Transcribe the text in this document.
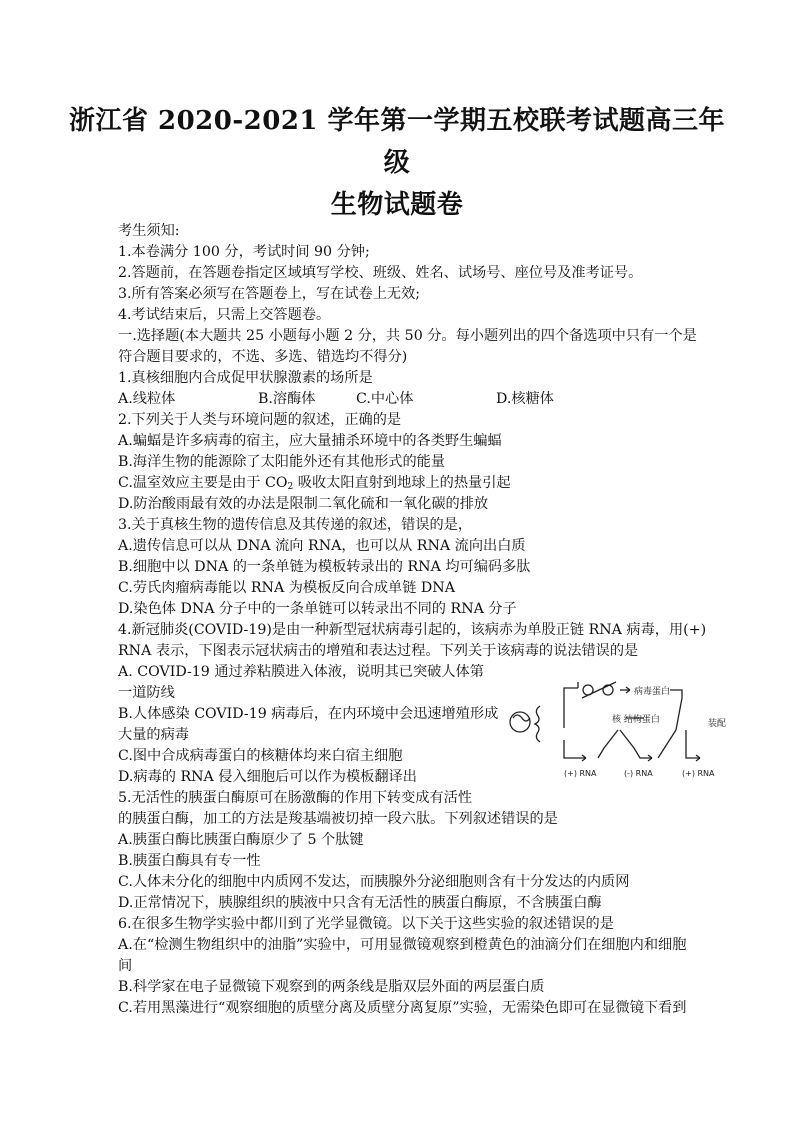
浙江省 2020-2021 学年第一学期五校联考试题高三年
级
生物试题卷
考生须知:
1.本卷满分 100 分，考试时间 90 分钟;
2.答题前，在答题卷指定区域填写学校、班级、姓名、试场号、座位号及准考证号。
3.所有答案必须写在答题卷上，写在试卷上无效;
4.考试结束后，只需上交答题卷。
一.选择题(本大题共 25 小题每小题 2 分，共 50 分。每小题列出的四个备选项中只有一个是
符合题目要求的，不选、多选、错选均不得分)
1.真核细胞内合成促甲状腺激素的场所是
A.线粒体	B.溶酶体	C.中心体	D.核糖体
2.下列关于人类与环境问题的叙述，正确的是
A.蝙蝠是许多病毒的宿主，应大量捕杀环境中的各类野生蝙蝠
B.海洋生物的能源除了太阳能外还有其他形式的能量
C.温室效应主要是由于 $CO_2$ 吸收太阳直射到地球上的热量引起
D.防治酸雨最有效的办法是限制二氧化硫和一氧化碳的排放
3.关于真核生物的遗传信息及其传递的叙述，错误的是，
A.遗传信息可以从 DNA 流向 RNA，也可以从 RNA 流向出白质
B.细胞中以 DNA 的一条单链为模板转录出的 RNA 均可编码多肽
C.劳氏肉瘤病毒能以 RNA 为模板反向合成单链 DNA
D.染色体 DNA 分子中的一条单链可以转录出不同的 RNA 分子
4.新冠肺炎(COVID-19)是由一种新型冠状病毒引起的，该病赤为单股正链 RNA 病毒，用(+)
RNA 表示，下图表示冠状病击的增殖和表达过程。下列关于该病毒的说法错误的是
A. COVID-19 通过养粘膜进入体液，说明其已突破人体第
一道防线
B.人体感染 COVID-19 病毒后，在内环境中会迅速增殖形成
大量的病毒
C.图中合成病毒蛋白的核糖体均来白宿主细胞
D.病毒的 RNA 侵入细胞后可以作为模板翻译出
病毒蛋白
核 结构蛋白	装配
(+) RNA	(-) RNA	(+) RNA
5.无活性的胰蛋白酶原可在肠激酶的作用下转变成有活性
的胰蛋白酶，加工的方法是羧基端被切掉一段六肽。下列叙述错误的是
A.胰蛋白酶比胰蛋白酶原少了 5 个肽键
B.胰蛋白酶具有专一性
C.人体未分化的细胞中内质网不发达，而胰腺外分泌细胞则含有十分发达的内质网
D.正常情况下，胰腺组织的胰液中只含有无活性的胰蛋白酶原，不含胰蛋白酶
6.在很多生物学实验中都川到了光学显微镜。以下关于这些实验的叙述错误的是
A.在“检测生物组织中的油脂”实验中，可用显微镜观察到橙黄色的油滴分们在细胞内和细胞
间
B.科学家在电子显微镜下观察到的两条线是脂双层外面的两层蛋白质
C.若用黑藻进行“观察细胞的质壁分离及质壁分离复原”实验，无需染色即可在显微镜下看到
